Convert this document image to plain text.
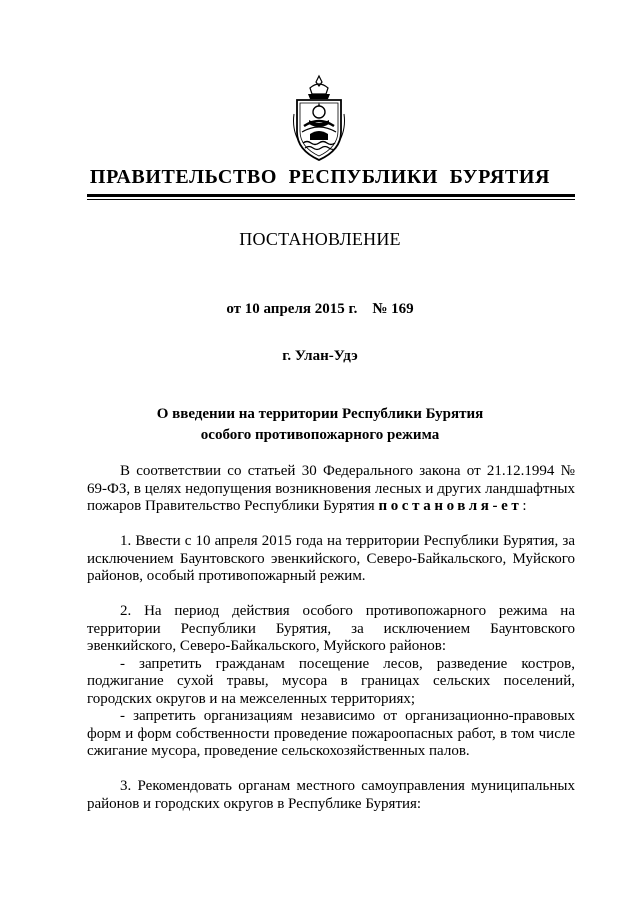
ПРАВИТЕЛЬСТВО РЕСПУБЛИКИ БУРЯТИЯ
ПОСТАНОВЛЕНИЕ
от 10 апреля 2015 г.    № 169
г. Улан-Удэ
О введении на территории Республики Бурятия
особого противопожарного режима

В соответствии со статьей 30 Федерального закона от 21.12.1994 № 69-ФЗ, в целях недопущения возникновения лесных и других ландшафтных пожаров Правительство Республики Бурятия постановля-ет:

1. Ввести с 10 апреля 2015 года на территории Республики Бурятия, за исключением Баунтовского эвенкийского, Северо-Байкальского, Муйского районов, особый противопожарный режим.

2. На период действия особого противопожарного режима на территории Республики Бурятия, за исключением Баунтовского эвенкийского, Северо-Байкальского, Муйского районов:

- запретить гражданам посещение лесов, разведение костров, поджигание сухой травы, мусора в границах сельских поселений, городских округов и на межселенных территориях;

- запретить организациям независимо от организационно-правовых форм и форм собственности проведение пожароопасных работ, в том числе сжигание мусора, проведение сельскохозяйственных палов.

3. Рекомендовать органам местного самоуправления муниципальных районов и городских округов в Республике Бурятия:
